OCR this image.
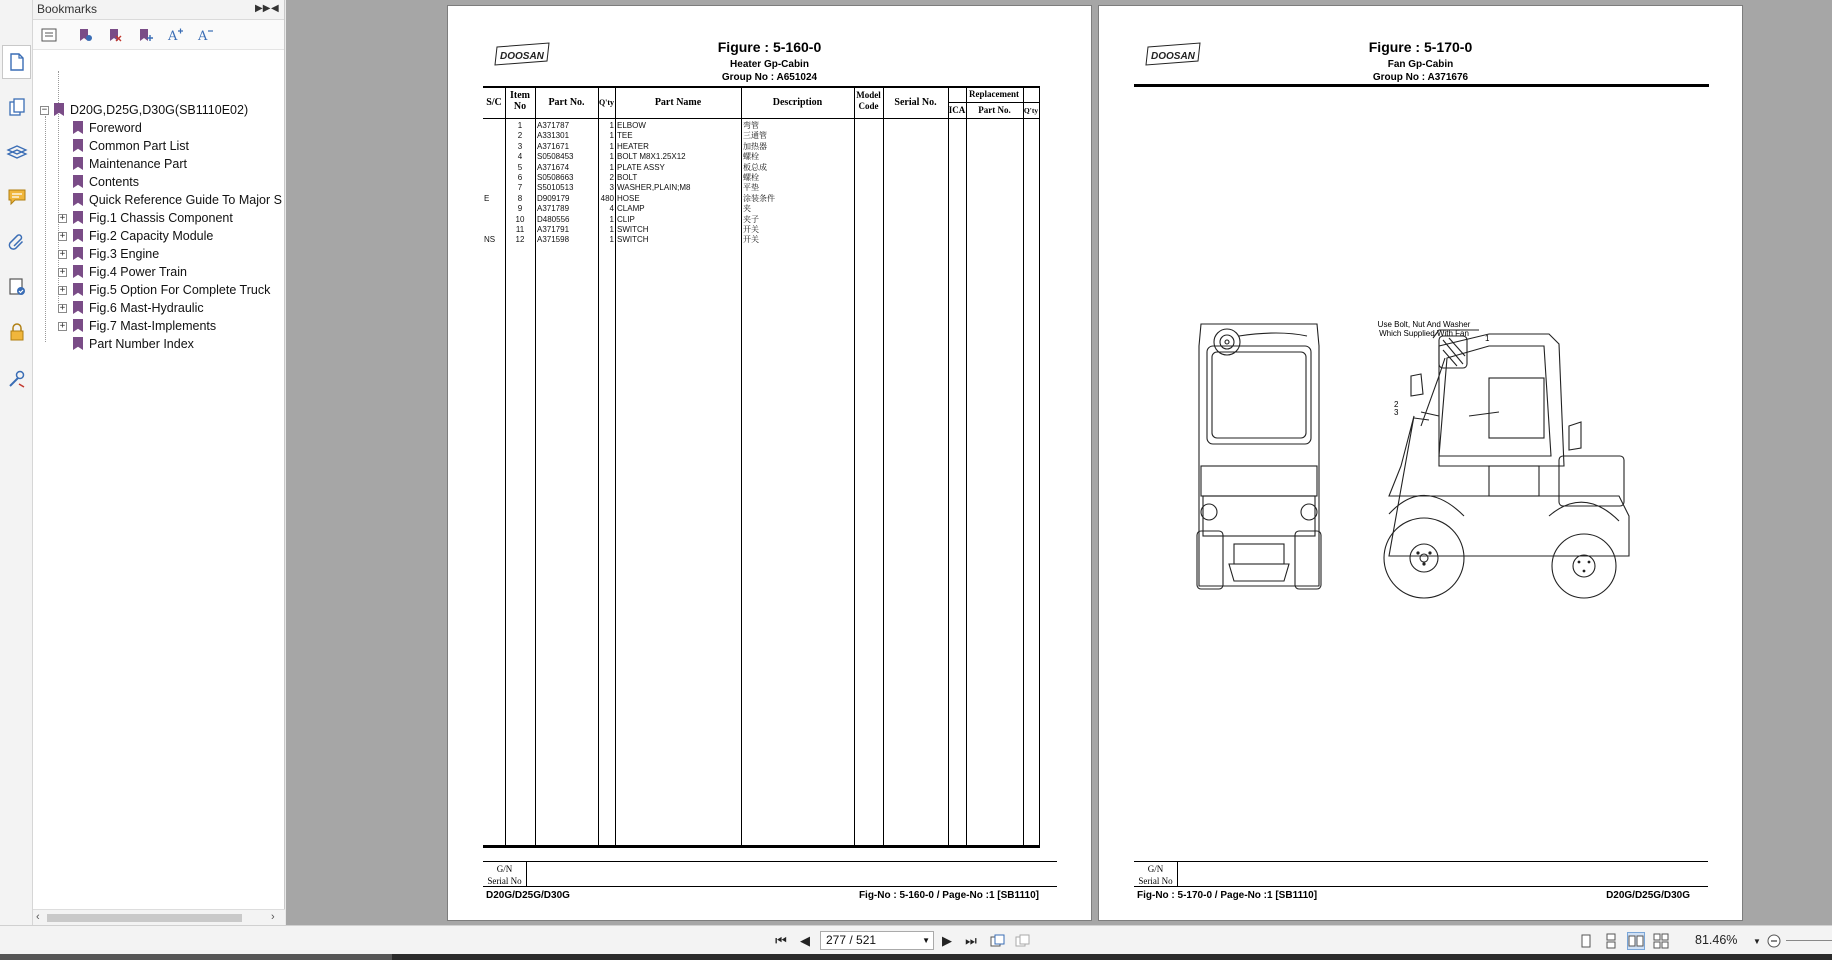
Bookmarks	▶▶ ◀
A A
−	D20G,D25G,D30G(SB1110E02)
Foreword
Common Part List
Maintenance Part
Contents
Quick Reference Guide To Major S
+	Fig.1 Chassis Component
+	Fig.2 Capacity Module
+	Fig.3 Engine
+	Fig.4 Power Train
+	Fig.5 Option For Complete Truck
+	Fig.6 Mast-Hydraulic
+	Fig.7 Mast-Implements
Part Number Index
‹	›
DOOSAN
Figure : 5-160-0
Heater Gp-Cabin
Group No : A651024
S/C
Item
No	Part No.	Q'ty	Part Name	Description
Model
Code	Serial No.
Replacement
ICA	Part No.	Q'ty
1	A371787	1 ELBOW	弯管
2	A331301	1 TEE	三通管
3	A371671	1 HEATER	加热器
4	S0508453	1 BOLT M8X1.25X12	螺栓
5	A371674	1 PLATE ASSY	板总成
6	S0508663	2 BOLT	螺栓
7	S5010513	3 WASHER,PLAIN;M8	平垫
E	8	D909179	480 HOSE	涂装条件
9	A371789	4 CLAMP	夹
10	D480556	1 CLIP	夹子
11	A371791	1 SWITCH	开关
NS	12	A371598	1 SWITCH	开关
G/N
Serial No
D20G/D25G/D30G	Fig-No : 5-160-0 / Page-No :1 [SB1110]
DOOSAN
Figure : 5-170-0
Fan Gp-Cabin
Group No : A371676
Use Bolt, Nut And Washer
Which Supplied With Fan
1
2
3
G/N
Serial No
Fig-No : 5-170-0 / Page-No :1 [SB1110]	D20G/D25G/D30G
⏮	◀	277 / 521	▼ ▶	⏭	81.46%	▼
